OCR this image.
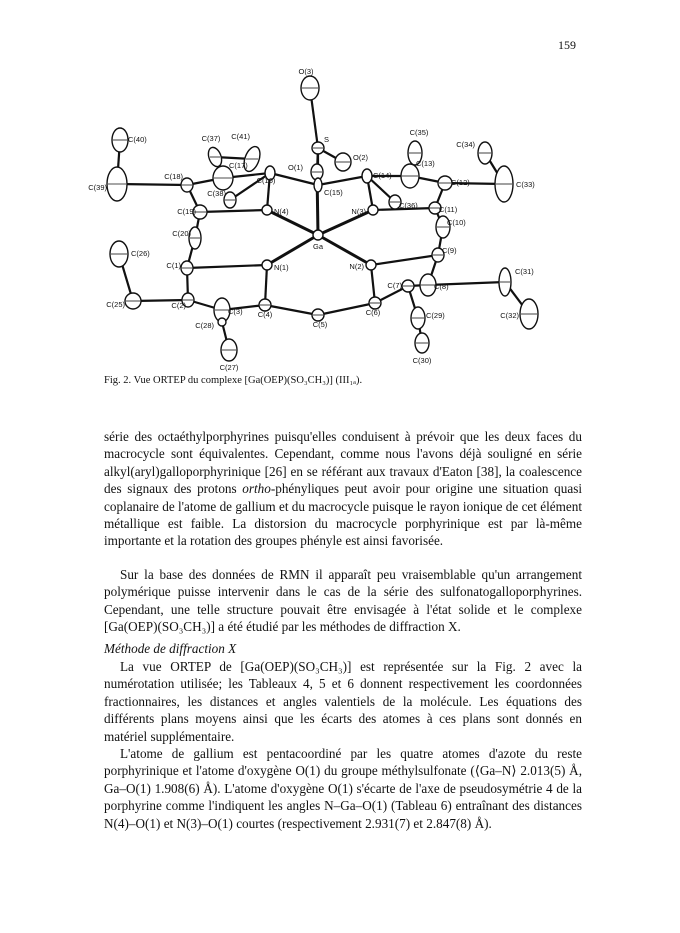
159
O(3)
S
O(2)
O(1)
C(15)
Ga
N(4)	N(3)
N(1)	N(2)
C(41)
C(37)
C(16)
C(17)
C(18)
C(38)
C(19)
C(20)
C(1)
C(2)
C(3) C(4)
C(5)
C(6)
C(7)	C(8)
C(9)
C(10)
C(11)
C(12)
C(13)
C(14)
C(36)
C(35)
C(34)
C(33)
C(40)
C(39)
C(26)
C(25)
C(28)
C(27)
C(29)
C(30)
C(31)
C(32)
Fig. 2. Vue ORTEP du complexe [Ga(OEP)(SO₃CH₃)] (III₁ₐ).
série des octaéthylporphyrines puisqu'elles conduisent à prévoir que les deux faces du macrocycle sont équivalentes. Cependant, comme nous l'avons déjà souligné en série alkyl(aryl)galloporphyrinique [26] en se référant aux travaux d'Eaton [38], la coalescence des signaux des protons ortho-phényliques peut avoir pour origine une situation quasi coplanaire de l'atome de gallium et du macrocycle puisque le rayon ionique de cet élément métallique est faible. La distorsion du macrocycle porphyrinique est par là-même importante et la rotation des groupes phényle est ainsi favorisée.
Sur la base des données de RMN il apparaît peu vraisemblable qu'un arrangement polymérique puisse intervenir dans le cas de la série des sulfonatogalloporphyrines. Cependant, une telle structure pouvait être envisagée à l'état solide et le complexe [Ga(OEP)(SO₃CH₃)] a été étudié par les méthodes de diffraction X.
Méthode de diffraction X
La vue ORTEP de [Ga(OEP)(SO₃CH₃)] est représentée sur la Fig. 2 avec la numérotation utilisée; les Tableaux 4, 5 et 6 donnent respectivement les coordonnées fractionnaires, les distances et angles valentiels de la molécule. Les équations des différents plans moyens ainsi que les écarts des atomes à ces plans sont donnés en matériel supplémentaire.
L'atome de gallium est pentacoordiné par les quatre atomes d'azote du reste porphyrinique et l'atome d'oxygène O(1) du groupe méthylsulfonate (⟨Ga–N⟩ 2.013(5) Å, Ga–O(1) 1.908(6) Å). L'atome d'oxygène O(1) s'écarte de l'axe de pseudosymétrie 4 de la porphyrine comme l'indiquent les angles N–Ga–O(1) (Tableau 6) entraînant des distances N(4)–O(1) et N(3)–O(1) courtes (respectivement 2.931(7) et 2.847(8) Å).
